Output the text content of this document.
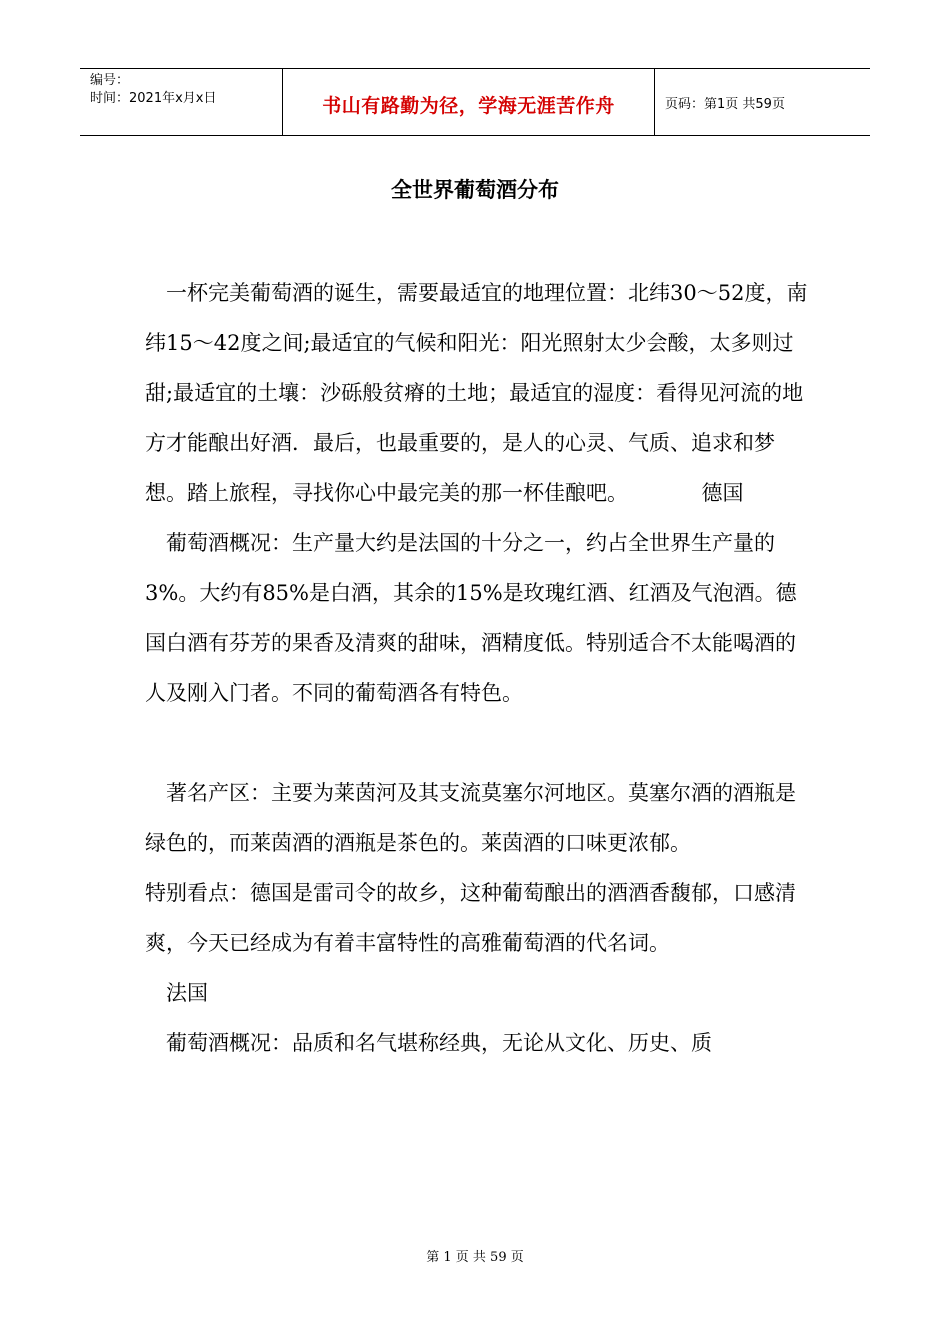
编号：
时间：2021年x月x日	书山有路勤为径，学海无涯苦作舟	页码：第1页 共59页
全世界葡萄酒分布

　一杯完美葡萄酒的诞生，需要最适宜的地理位置：北纬30～52度，南纬15～42度之间;最适宜的气候和阳光：阳光照射太少会酸，太多则过甜;最适宜的土壤：沙砾般贫瘠的土地；最适宜的湿度：看得见河流的地方才能酿出好酒．最后，也最重要的，是人的心灵、气质、追求和梦想。踏上旅程，寻找你心中最完美的那一杯佳酿吧。　　　　德国

　葡萄酒概况：生产量大约是法国的十分之一，约占全世界生产量的3%。大约有85%是白酒，其余的15%是玫瑰红酒、红酒及气泡酒。德国白酒有芬芳的果香及清爽的甜味，酒精度低。特别适合不太能喝酒的人及刚入门者。不同的葡萄酒各有特色。

　著名产区：主要为莱茵河及其支流莫塞尔河地区。莫塞尔酒的酒瓶是绿色的，而莱茵酒的酒瓶是茶色的。莱茵酒的口味更浓郁。

特别看点：德国是雷司令的故乡，这种葡萄酿出的酒酒香馥郁，口感清爽，今天已经成为有着丰富特性的高雅葡萄酒的代名词。

　法国

　葡萄酒概况：品质和名气堪称经典，无论从文化、历史、质

第 1 页 共 59 页
